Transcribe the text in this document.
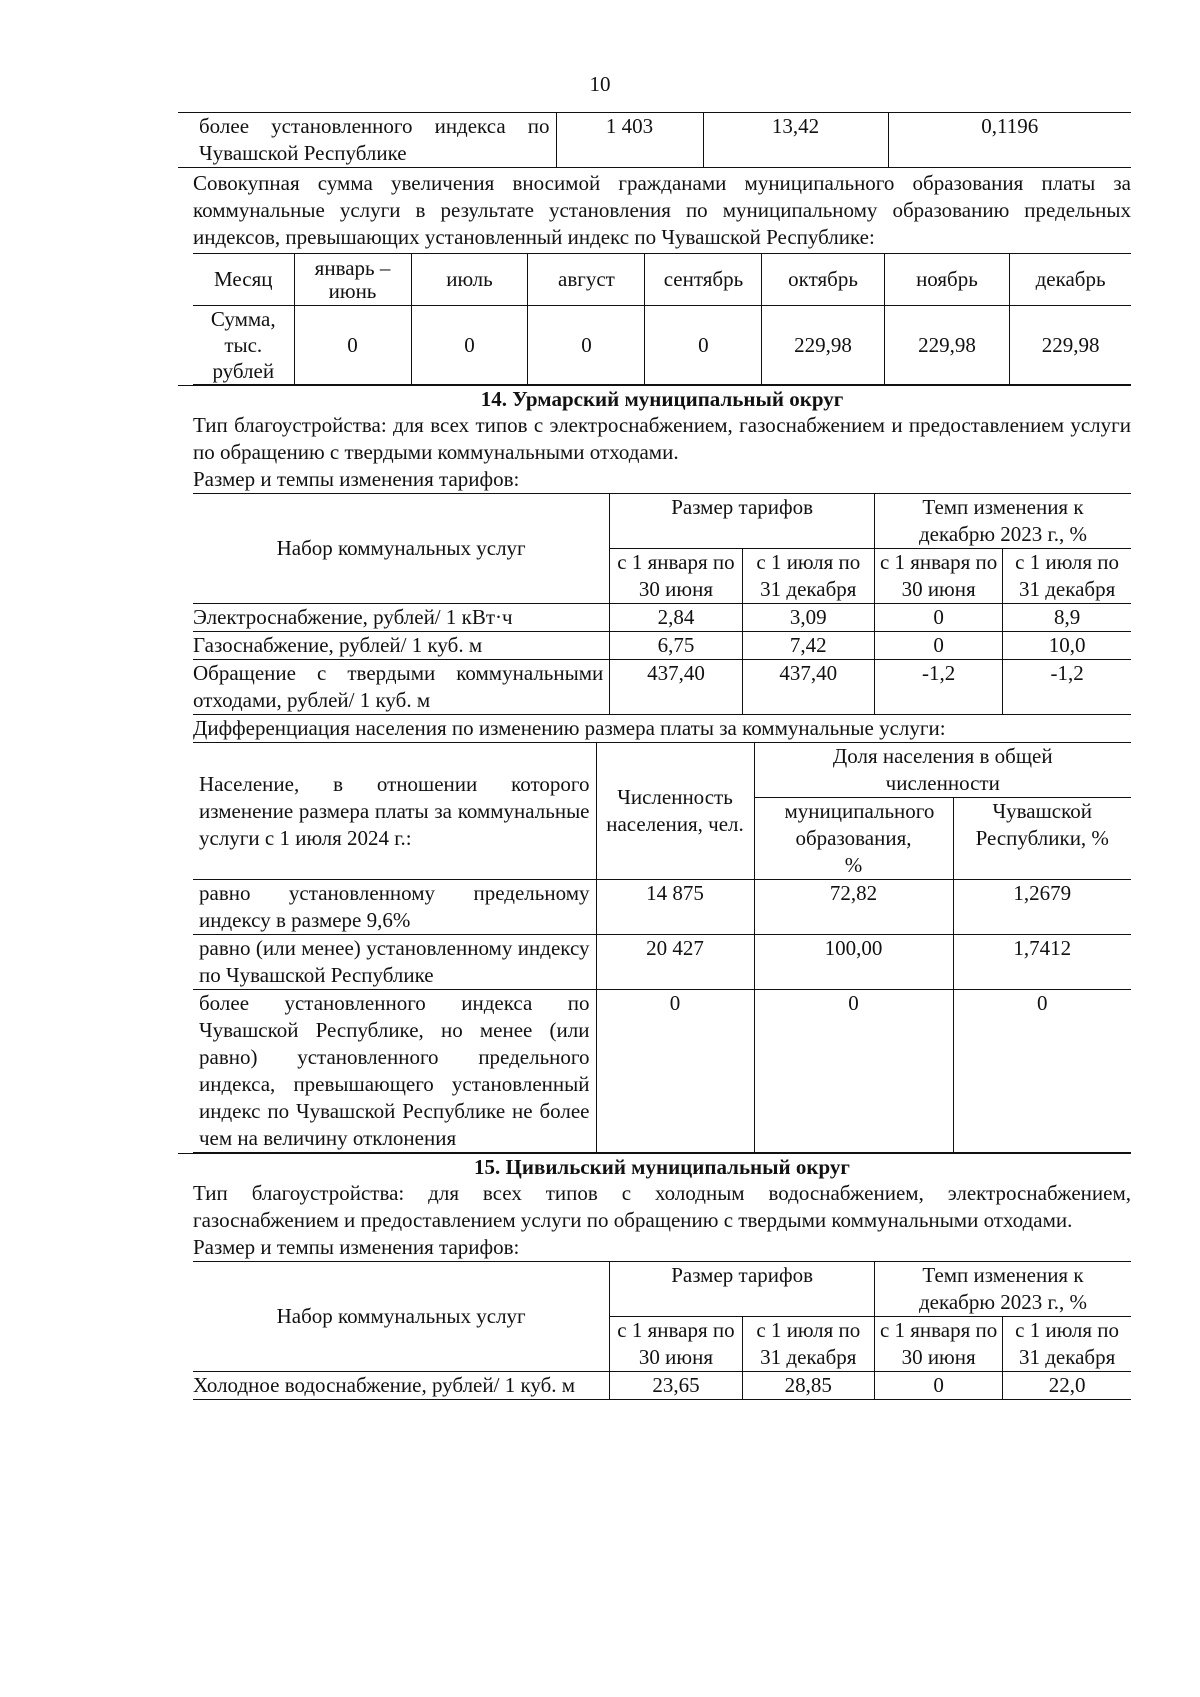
10
более установленного индекса по Чувашской Республике	1 403	13,42	0,1196

Совокупная сумма увеличения вносимой гражданами муниципального образования платы за коммунальные услуги в результате установления по муниципальному образованию предельных индексов, превышающих установленный индекс по Чувашской Республике:

Месяц	январь – июнь	июль	август	сентябрь	октябрь	ноябрь	декабрь
Сумма, тыс. рублей	0	0	0	0	229,98	229,98	229,98
14. Урмарский муниципальный округ

Тип благоустройства: для всех типов с электроснабжением, газоснабжением и предоставлением услуги по обращению с твердыми коммунальными отходами.

Размер и темпы изменения тарифов:

Набор коммунальных услуг	Размер тарифов		Темп изменения к декабрю 2023 г., %	
	с 1 января по 30 июня	с 1 июля по 31 декабря	с 1 января по 30 июня	с 1 июля по 31 декабря
Электроснабжение, рублей/ 1 кВт·ч	2,84	3,09	0	8,9
Газоснабжение, рублей/ 1 куб. м	6,75	7,42	0	10,0
Обращение с твердыми коммунальными отходами, рублей/ 1 куб. м	437,40	437,40	-1,2	-1,2

Дифференциация населения по изменению размера платы за коммунальные услуги:

Население, в отношении которого изменение размера платы за коммунальные услуги с 1 июля 2024 г.:	Численность населения, чел.	Доля населения в общей численности	
		муниципального образования, %	Чувашской Республики, %
равно установленному предельному индексу в размере 9,6%	14 875	72,82	1,2679
равно (или менее) установленному индексу по Чувашской Республике	20 427	100,00	1,7412
более установленного индекса по Чувашской Республике, но менее (или равно) установленного предельного индекса, превышающего установленный индекс по Чувашской Республике не более чем на величину отклонения	0	0	0
15. Цивильский муниципальный округ

Тип благоустройства: для всех типов с холодным водоснабжением, электроснабжением, газоснабжением и предоставлением услуги по обращению с твердыми коммунальными отходами.

Размер и темпы изменения тарифов:

Набор коммунальных услуг	Размер тарифов		Темп изменения к декабрю 2023 г., %	
	с 1 января по 30 июня	с 1 июля по 31 декабря	с 1 января по 30 июня	с 1 июля по 31 декабря
Холодное водоснабжение, рублей/ 1 куб. м	23,65	28,85	0	22,0
